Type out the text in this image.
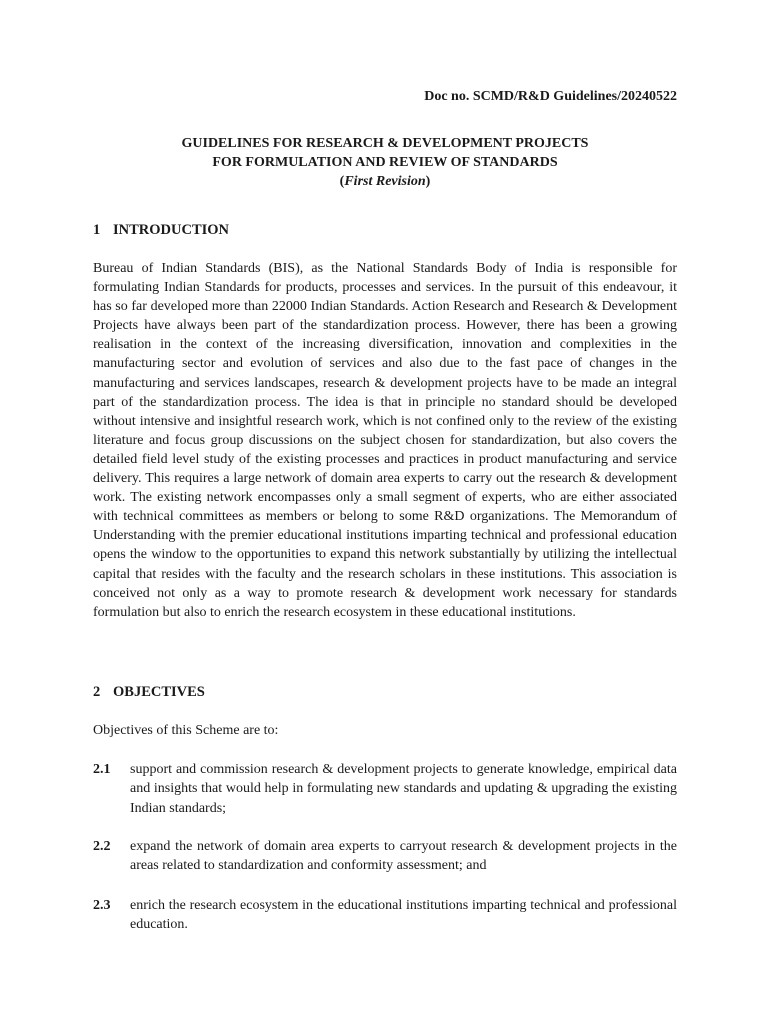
Doc no. SCMD/R&D Guidelines/20240522
GUIDELINES FOR RESEARCH & DEVELOPMENT PROJECTS
FOR FORMULATION AND REVIEW OF STANDARDS
(First Revision)
1 INTRODUCTION
Bureau of Indian Standards (BIS), as the National Standards Body of India is responsible for formulating Indian Standards for products, processes and services. In the pursuit of this endeavour, it has so far developed more than 22000 Indian Standards. Action Research and Research & Development Projects have always been part of the standardization process. However, there has been a growing realisation in the context of the increasing diversification, innovation and complexities in the manufacturing sector and evolution of services and also due to the fast pace of changes in the manufacturing and services landscapes, research & development projects have to be made an integral part of the standardization process. The idea is that in principle no standard should be developed without intensive and insightful research work, which is not confined only to the review of the existing literature and focus group discussions on the subject chosen for standardization, but also covers the detailed field level study of the existing processes and practices in product manufacturing and service delivery. This requires a large network of domain area experts to carry out the research & development work. The existing network encompasses only a small segment of experts, who are either associated with technical committees as members or belong to some R&D organizations. The Memorandum of Understanding with the premier educational institutions imparting technical and professional education opens the window to the opportunities to expand this network substantially by utilizing the intellectual capital that resides with the faculty and the research scholars in these institutions. This association is conceived not only as a way to promote research & development work necessary for standards formulation but also to enrich the research ecosystem in these educational institutions.
2 OBJECTIVES
Objectives of this Scheme are to:
2.1 support and commission research & development projects to generate knowledge, empirical data and insights that would help in formulating new standards and updating & upgrading the existing Indian standards;
2.2 expand the network of domain area experts to carryout research & development projects in the areas related to standardization and conformity assessment; and
2.3 enrich the research ecosystem in the educational institutions imparting technical and professional education.
